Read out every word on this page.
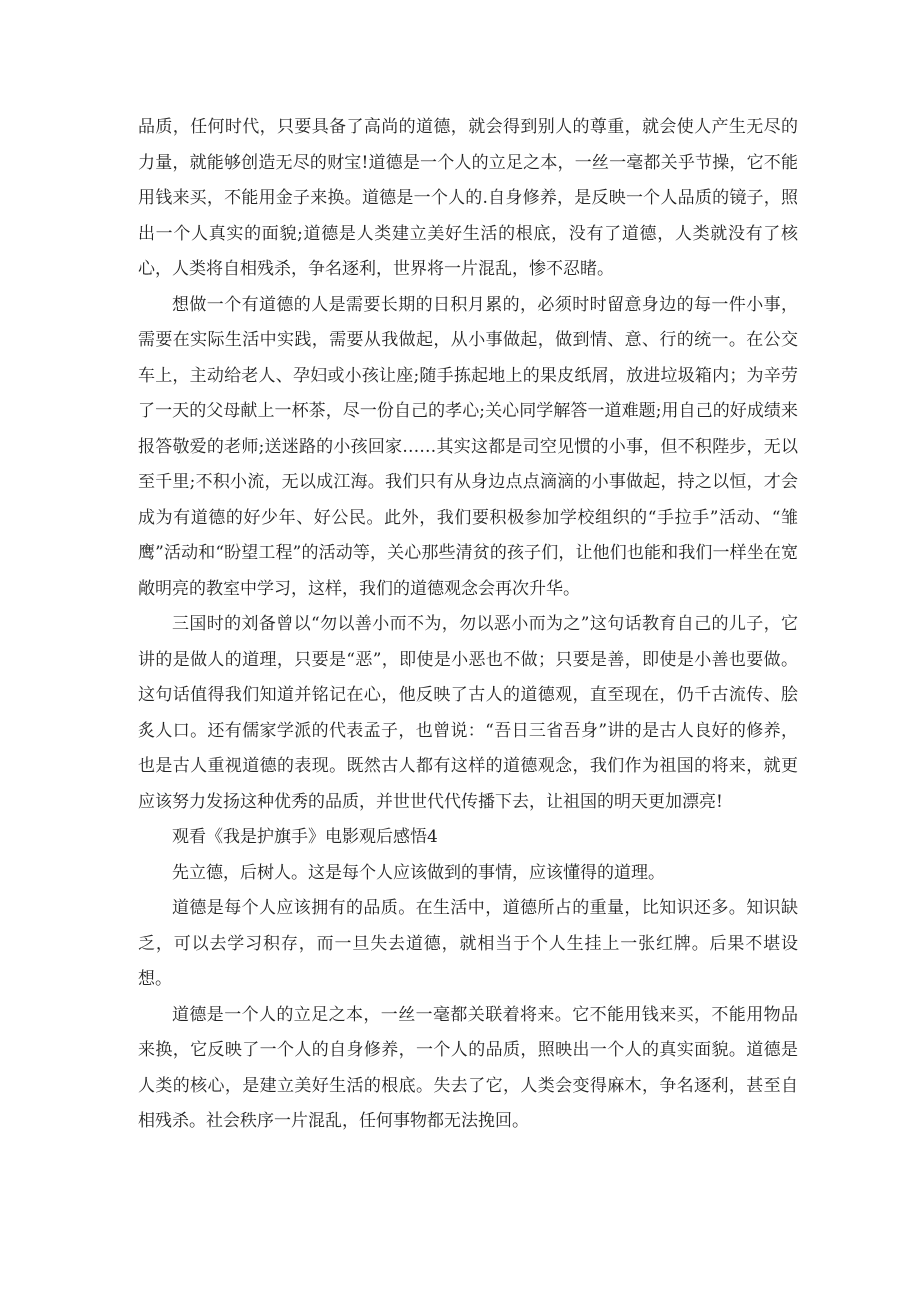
品质，任何时代，只要具备了高尚的道德，就会得到别人的尊重，就会使人产生无尽的力量，就能够创造无尽的财宝!道德是一个人的立足之本，一丝一毫都关乎节操，它不能用钱来买，不能用金子来换。道德是一个人的.自身修养，是反映一个人品质的镜子，照出一个人真实的面貌;道德是人类建立美好生活的根底，没有了道德，人类就没有了核心，人类将自相残杀，争名逐利，世界将一片混乱，惨不忍睹。

想做一个有道德的人是需要长期的日积月累的，必须时时留意身边的每一件小事，需要在实际生活中实践，需要从我做起，从小事做起，做到情、意、行的统一。在公交车上，主动给老人、孕妇或小孩让座;随手拣起地上的果皮纸屑，放进垃圾箱内；为辛劳了一天的父母献上一杯茶，尽一份自己的孝心;关心同学解答一道难题;用自己的好成绩来报答敬爱的老师;送迷路的小孩回家……其实这都是司空见惯的小事，但不积陛步，无以至千里;不积小流，无以成江海。我们只有从身边点点滴滴的小事做起，持之以恒，才会成为有道德的好少年、好公民。此外，我们要积极参加学校组织的“手拉手”活动、“雏鹰”活动和“盼望工程”的活动等，关心那些清贫的孩子们，让他们也能和我们一样坐在宽敞明亮的教室中学习，这样，我们的道德观念会再次升华。

三国时的刘备曾以“勿以善小而不为，勿以恶小而为之”这句话教育自己的儿子，它讲的是做人的道理，只要是“恶”，即使是小恶也不做；只要是善，即使是小善也要做。这句话值得我们知道并铭记在心，他反映了古人的道德观，直至现在，仍千古流传、脍炙人口。还有儒家学派的代表孟子，也曾说：“吾日三省吾身”讲的是古人良好的修养，也是古人重视道德的表现。既然古人都有这样的道德观念，我们作为祖国的将来，就更应该努力发扬这种优秀的品质，并世世代代传播下去，让祖国的明天更加漂亮!

观看《我是护旗手》电影观后感悟4

先立德，后树人。这是每个人应该做到的事情，应该懂得的道理。

道德是每个人应该拥有的品质。在生活中，道德所占的重量，比知识还多。知识缺乏，可以去学习积存，而一旦失去道德，就相当于个人生挂上一张红牌。后果不堪设想。

道德是一个人的立足之本，一丝一毫都关联着将来。它不能用钱来买，不能用物品来换，它反映了一个人的自身修养，一个人的品质，照映出一个人的真实面貌。道德是人类的核心，是建立美好生活的根底。失去了它，人类会变得麻木，争名逐利，甚至自相残杀。社会秩序一片混乱，任何事物都无法挽回。
